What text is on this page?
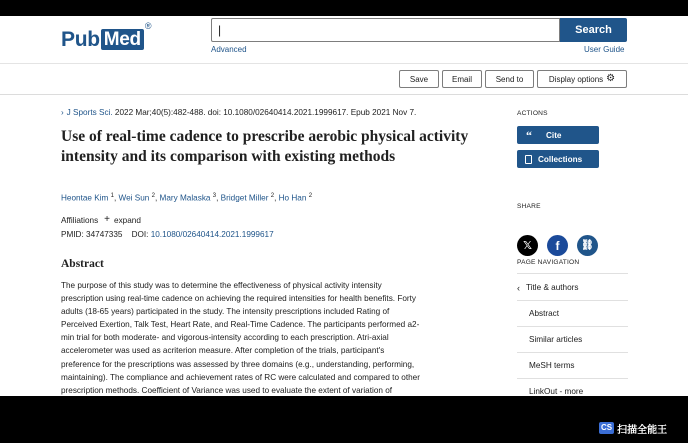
Pub Med
®
|	Search
Advanced	User Guide
Save	Email	Send to	Display options ⚙
› J Sports Sci. 2022 Mar;40(5):482-488. doi: 10.1080/02640414.2021.1999617. Epub 2021 Nov 7.
Use of real-time cadence to prescribe aerobic physical activity intensity and its comparison with existing methods
Heontae Kim $^1$, Wei Sun $^2$, Mary Malaska $^3$, Bridget Miller $^2$, Ho Han $^2$
Affiliations + expand
PMID: 34747335 DOI: 10.1080/02640414.2021.1999617
Abstract
The purpose of this study was to determine the effectiveness of physical activity intensity
prescription using real-time cadence on achieving the required intensities for health benefits. Forty
adults (18-65 years) participated in the study. The intensity prescriptions included Rating of
Perceived Exertion, Talk Test, Heart Rate, and Real-Time Cadence. The participants performed a2-
min trial for both moderate- and vigorous-intensity according to each prescription. Atri-axial
accelerometer was used as acriterion measure. After completion of the trials, participant's
preference for the prescriptions was assessed by three domains (e.g., understanding, performing,
maintaining). The compliance and achievement rates of RC were calculated and compared to other
prescription methods. Coefficient of Variance was used to evaluate the extent of variation of
ACTIONS
“ Cite
Collections
SHARE
𝕏	f	⛓
PAGE NAVIGATION
‹ Title & authors
Abstract
Similar articles
MeSH terms
LinkOut - more
CS 扫描全能王
